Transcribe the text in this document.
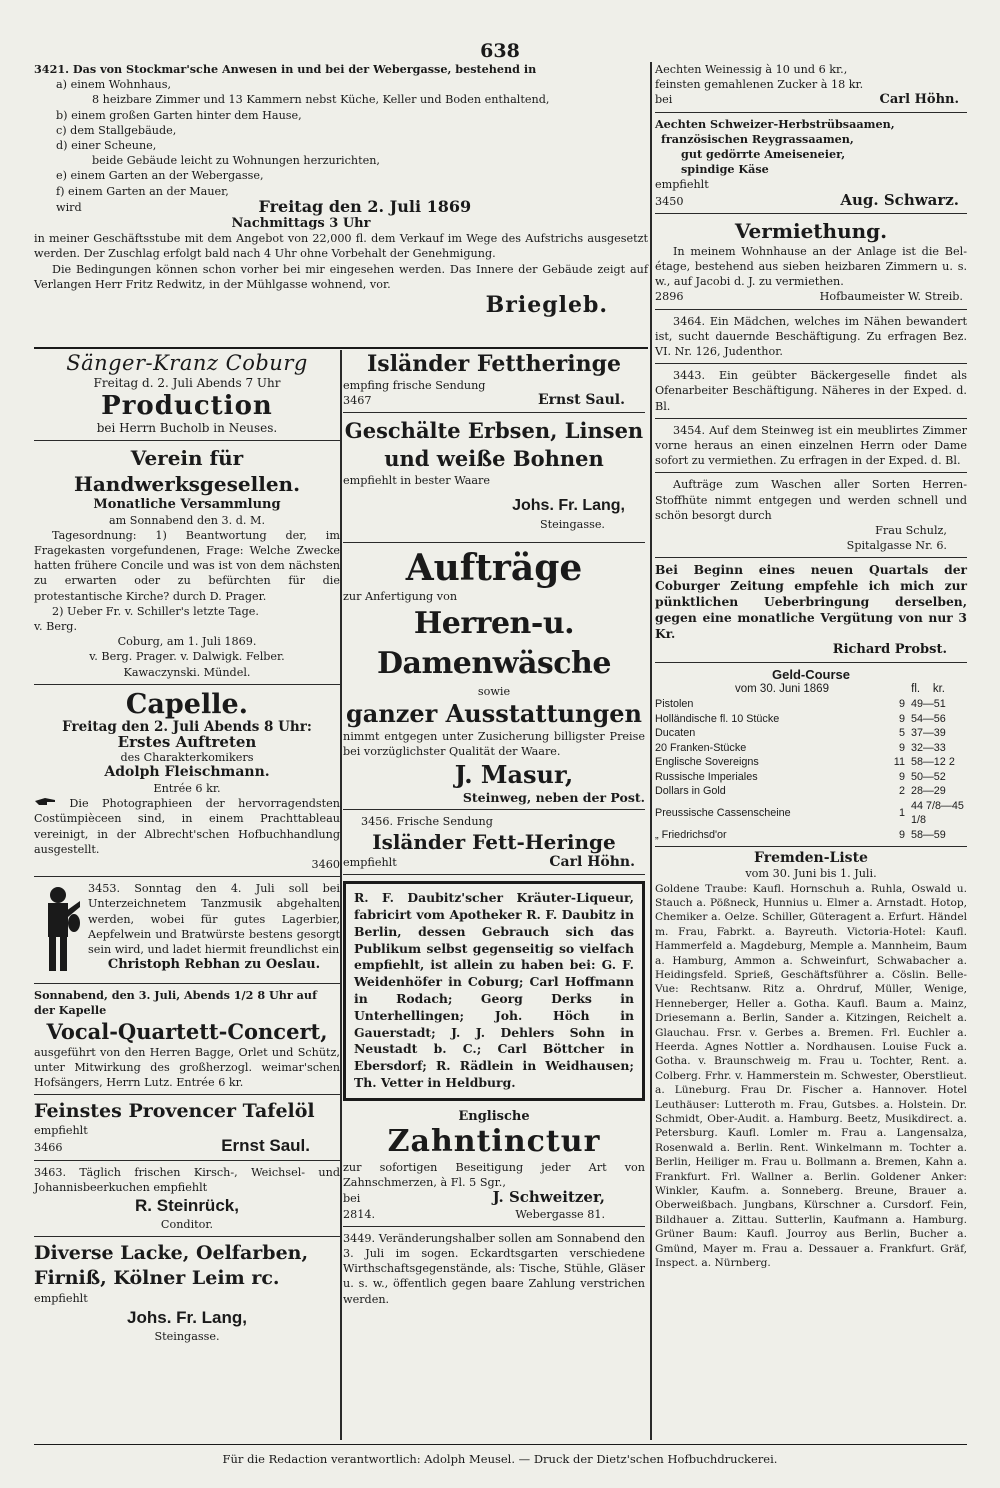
638
3421. Das von Stockmar'sche Anwesen in und bei der Webergasse, bestehend in
a) einem Wohnhaus,
8 heizbare Zimmer und 13 Kammern nebst Küche, Keller und Boden enthaltend,
b) einem großen Garten hinter dem Hause,
c) dem Stallgebäude,
d) einer Scheune,
beide Gebäude leicht zu Wohnungen herzurichten,
e) einem Garten an der Webergasse,
f) einem Garten an der Mauer,
wird	Freitag den 2. Juli 1869
Nachmittags 3 Uhr
in meiner Geschäftsstube mit dem Angebot von 22,000 fl. dem Verkauf im Wege des Aufstrichs ausgesetzt werden. Der Zuschlag erfolgt bald nach 4 Uhr ohne Vorbehalt der Genehmigung.
Die Bedingungen können schon vorher bei mir eingesehen werden. Das Innere der Gebäude zeigt auf Verlangen Herr Fritz Redwitz, in der Mühlgasse wohnend, vor.
Briegleb.
Sänger-Kranz Coburg
Freitag d. 2. Juli Abends 7 Uhr
Production
bei Herrn Bucholb in Neuses.
Verein für Handwerksgesellen.
Monatliche Versammlung
am Sonnabend den 3. d. M.
Tagesordnung: 1) Beantwortung der, im Fragekasten vorgefundenen, Frage: Welche Zwecke hatten frühere Concile und was ist von dem nächsten zu erwarten oder zu befürchten für die protestantische Kirche? durch D. Prager.
2) Ueber Fr. v. Schiller's letzte Tage.
v. Berg.
Coburg, am 1. Juli 1869.
v. Berg. Prager. v. Dalwigk. Felber.
Kawaczynski. Mündel.
Capelle.
Freitag den 2. Juli Abends 8 Uhr:
Erstes Auftreten
des Charakterkomikers
Adolph Fleischmann.
Entrée 6 kr.
Die Photographieen der hervorragendsten Costümpièceen sind, in einem Prachttableau vereinigt, in der Albrecht'schen Hofbuchhandlung ausgestellt.
3460
3453. Sonntag den 4. Juli soll bei Unterzeichnetem Tanzmusik abgehalten werden, wobei für gutes Lagerbier, Aepfelwein und Bratwürste bestens gesorgt sein wird, und ladet hiermit freundlichst ein
Christoph Rebhan zu Oeslau.
Sonnabend, den 3. Juli, Abends 1/2 8 Uhr auf der Kapelle
Vocal-Quartett-Concert,
ausgeführt von den Herren Bagge, Orlet und Schütz, unter Mitwirkung des großherzogl. weimar'schen Hofsängers, Herrn Lutz. Entrée 6 kr.
Feinstes Provencer Tafelöl
empfiehlt
3466	Ernst Saul.
3463. Täglich frischen Kirsch-, Weichsel- und Johannisbeerkuchen empfiehlt
R. Steinrück,
Conditor.
Diverse Lacke, Oelfarben, Firniß, Kölner Leim rc.
empfiehlt
Johs. Fr. Lang,
Steingasse.
Isländer Fettheringe
empfing frische Sendung
3467	Ernst Saul.
Geschälte Erbsen, Linsen und weiße Bohnen
empfiehlt in bester Waare
Johs. Fr. Lang,
Steingasse.
Aufträge
zur Anfertigung von
Herren-u. Damenwäsche
sowie
ganzer Ausstattungen
nimmt entgegen unter Zusicherung billigster Preise bei vorzüglichster Qualität der Waare.
J. Masur,
Steinweg, neben der Post.
3456. Frische Sendung
Isländer Fett-Heringe
empfiehlt	Carl Höhn.
R. F. Daubitz'scher Kräuter-Liqueur, fabricirt vom Apotheker R. F. Daubitz in Berlin, dessen Gebrauch sich das Publikum selbst gegenseitig so vielfach empfiehlt, ist allein zu haben bei: G. F. Weidenhöfer in Coburg; Carl Hoffmann in Rodach; Georg Derks in Unterhellingen; Joh. Höch in Gauerstadt; J. J. Dehlers Sohn in Neustadt b. C.; Carl Böttcher in Ebersdorf; R. Rädlein in Weidhausen; Th. Vetter in Heldburg.
Englische
Zahntinctur
zur sofortigen Beseitigung jeder Art von Zahnschmerzen, à Fl. 5 Sgr.,
bei	J. Schweitzer,
2814.	Webergasse 81.
3449. Veränderungshalber sollen am Sonnabend den 3. Juli im sogen. Eckardtsgarten verschiedene Wirthschaftsgegenstände, als: Tische, Stühle, Gläser u. s. w., öffentlich gegen baare Zahlung verstrichen werden.
Aechten Weinessig à 10 und 6 kr.,
feinsten gemahlenen Zucker à 18 kr.
bei	Carl Höhn.
Aechten Schweizer-Herbstrübsaamen,
französischen Reygrassaamen,
gut gedörrte Ameiseneier,
spindige Käse
empfiehlt
3450	Aug. Schwarz.
Vermiethung.
In meinem Wohnhause an der Anlage ist die Bel-étage, bestehend aus sieben heizbaren Zimmern u. s. w., auf Jacobi d. J. zu vermiethen.
2896	Hofbaumeister W. Streib.
3464. Ein Mädchen, welches im Nähen bewandert ist, sucht dauernde Beschäftigung. Zu erfragen Bez. VI. Nr. 126, Judenthor.
3443. Ein geübter Bäckergeselle findet als Ofenarbeiter Beschäftigung. Näheres in der Exped. d. Bl.
3454. Auf dem Steinweg ist ein meublirtes Zimmer vorne heraus an einen einzelnen Herrn oder Dame sofort zu vermiethen. Zu erfragen in der Exped. d. Bl.
Aufträge zum Waschen aller Sorten Herren-Stoffhüte nimmt entgegen und werden schnell und schön besorgt durch
Frau Schulz,
Spitalgasse Nr. 6.
Bei Beginn eines neuen Quartals der Coburger Zeitung empfehle ich mich zur pünktlichen Ueberbringung derselben, gegen eine monatliche Vergütung von nur 3 Kr.
Richard Probst.
Geld-Course
vom 30. Juni 1869	fl. kr.
Pistolen	9	49—51
Holländische fl. 10 Stücke	9	54—56
Ducaten	5	37—39
20 Franken-Stücke	9	32—33
Englische Sovereigns	11	58—12 2
Russische Imperiales	9	50—52
Dollars in Gold	2	28—29
Preussische Cassenscheine	1	44 7/8—45 1/8
„ Friedrichsd'or	9	58—59
Fremden-Liste
vom 30. Juni bis 1. Juli.
Goldene Traube: Kaufl. Hornschuh a. Ruhla, Oswald u. Stauch a. Pößneck, Hunnius u. Elmer a. Arnstadt. Hotop, Chemiker a. Oelze. Schiller, Güteragent a. Erfurt. Händel m. Frau, Fabrkt. a. Bayreuth. Victoria-Hotel: Kaufl. Hammerfeld a. Magdeburg, Memple a. Mannheim, Baum a. Hamburg, Ammon a. Schweinfurt, Schwabacher a. Heidingsfeld. Sprieß, Geschäftsführer a. Cöslin. Belle-Vue: Rechtsanw. Ritz a. Ohrdruf, Müller, Wenige, Henneberger, Heller a. Gotha. Kaufl. Baum a. Mainz, Driesemann a. Berlin, Sander a. Kitzingen, Reichelt a. Glauchau. Frsr. v. Gerbes a. Bremen. Frl. Euchler a. Heerda. Agnes Nottler a. Nordhausen. Louise Fuck a. Gotha. v. Braunschweig m. Frau u. Tochter, Rent. a. Colberg. Frhr. v. Hammerstein m. Schwester, Oberstlieut. a. Lüneburg. Frau Dr. Fischer a. Hannover. Hotel Leuthäuser: Lutteroth m. Frau, Gutsbes. a. Holstein. Dr. Schmidt, Ober-Audit. a. Hamburg. Beetz, Musikdirect. a. Petersburg. Kaufl. Lomler m. Frau a. Langensalza, Rosenwald a. Berlin. Rent. Winkelmann m. Tochter a. Berlin, Heiliger m. Frau u. Bollmann a. Bremen, Kahn a. Frankfurt. Frl. Wallner a. Berlin. Goldener Anker: Winkler, Kaufm. a. Sonneberg. Breune, Brauer a. Oberweißbach. Jungbans, Kürschner a. Cursdorf. Fein, Bildhauer a. Zittau. Sutterlin, Kaufmann a. Hamburg. Grüner Baum: Kaufl. Jourroy aus Berlin, Bucher a. Gmünd, Mayer m. Frau a. Dessauer a. Frankfurt. Gräf, Inspect. a. Nürnberg.
Für die Redaction verantwortlich: Adolph Meusel. — Druck der Dietz'schen Hofbuchdruckerei.
